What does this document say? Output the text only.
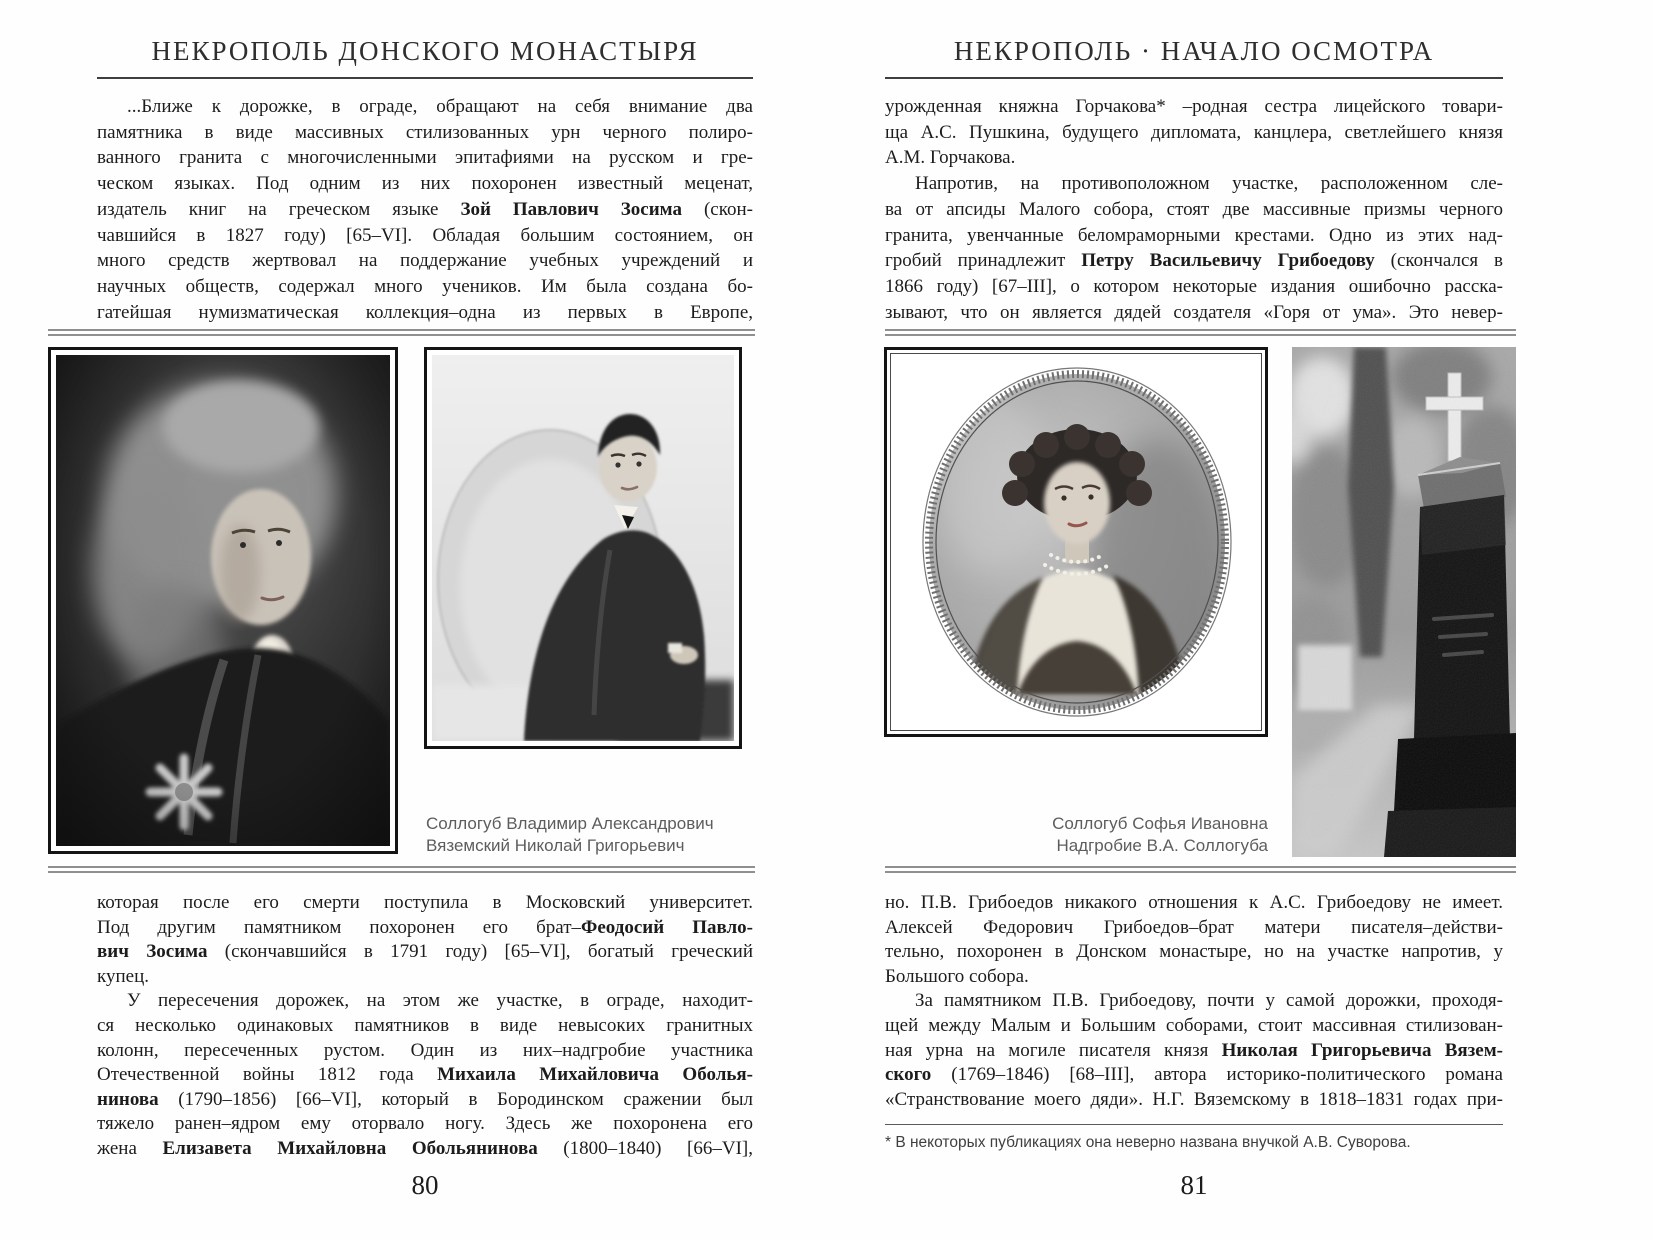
НЕКРОПОЛЬ ДОНСКОГО МОНАСТЫРЯ
...Ближе к дорожке, в ограде, обращают на себя внимание два
памятника в виде массивных стилизованных урн черного полиро-
ванного гранита с многочисленными эпитафиями на русском и гре-
ческом языках. Под одним из них похоронен известный меценат,
издатель книг на греческом языке Зой Павлович Зосима (скон-
чавшийся в 1827 году) [65–VI]. Обладая большим состоянием, он
много средств жертвовал на поддержание учебных учреждений и
научных обществ, содержал много учеников. Им была создана бо-
гатейшая нумизматическая коллекция–одна из первых в Европе,
Соллогуб Владимир Александрович
Вяземский Николай Григорьевич
которая после его смерти поступила в Московский университет.
Под другим памятником похоронен его брат–Феодосий Павло-
вич Зосима (скончавшийся в 1791 году) [65–VI], богатый греческий
купец.
У пересечения дорожек, на этом же участке, в ограде, находит-
ся несколько одинаковых памятников в виде невысоких гранитных
колонн, пересеченных рустом. Один из них–надгробие участника
Отечественной войны 1812 года Михаила Михайловича Оболья-
нинова (1790–1856) [66–VI], который в Бородинском сражении был
тяжело ранен–ядром ему оторвало ногу. Здесь же похоронена его
жена Елизавета Михайловна Обольянинова (1800–1840) [66–VI],
80
НЕКРОПОЛЬ · НАЧАЛО ОСМОТРА
урожденная княжна Горчакова* –родная сестра лицейского товари-
ща А.С. Пушкина, будущего дипломата, канцлера, светлейшего князя
А.М. Горчакова.
Напротив, на противоположном участке, расположенном сле-
ва от апсиды Малого собора, стоят две массивные призмы черного
гранита, увенчанные беломраморными крестами. Одно из этих над-
гробий принадлежит Петру Васильевичу Грибоедову (скончался в
1866 году) [67–III], о котором некоторые издания ошибочно расска-
зывают, что он является дядей создателя «Горя от ума». Это невер-
Соллогуб Софья Ивановна
Надгробие В.А. Соллогуба
но. П.В. Грибоедов никакого отношения к А.С. Грибоедову не имеет.
Алексей Федорович Грибоедов–брат матери писателя–действи-
тельно, похоронен в Донском монастыре, но на участке напротив, у
Большого собора.
За памятником П.В. Грибоедову, почти у самой дорожки, проходя-
щей между Малым и Большим соборами, стоит массивная стилизован-
ная урна на могиле писателя князя Николая Григорьевича Вязем-
ского (1769–1846) [68–III], автора историко-политического романа
«Странствование моего дяди». Н.Г. Вяземскому в 1818–1831 годах при-
* В некоторых публикациях она неверно названа внучкой А.В. Суворова.
81
